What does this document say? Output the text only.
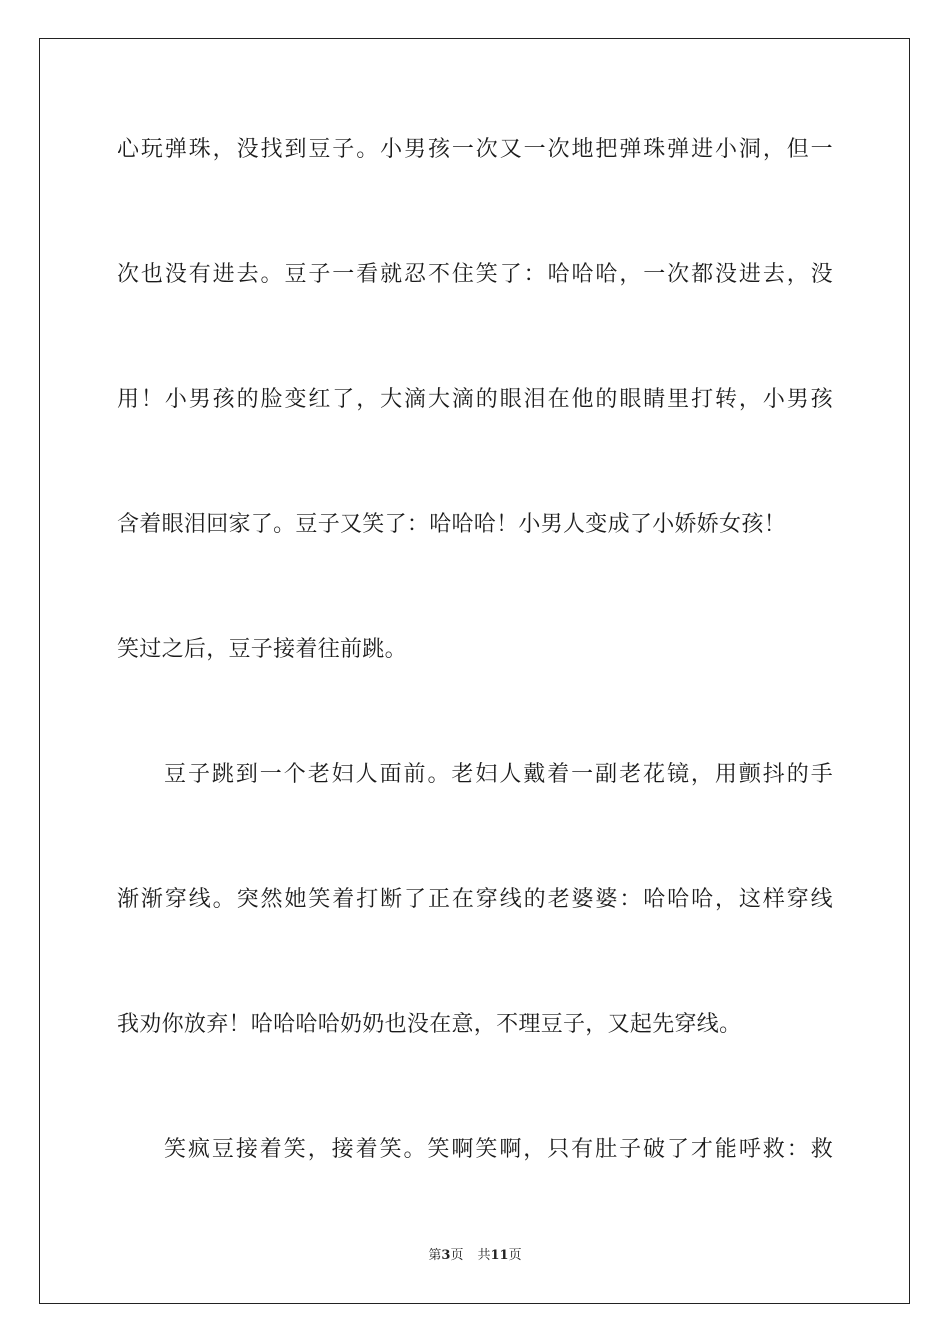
心玩弹珠，没找到豆子。小男孩一次又一次地把弹珠弹进小洞，但一
次也没有进去。豆子一看就忍不住笑了：哈哈哈，一次都没进去，没
用！小男孩的脸变红了，大滴大滴的眼泪在他的眼睛里打转，小男孩
含着眼泪回家了。豆子又笑了：哈哈哈！小男人变成了小娇娇女孩！
笑过之后，豆子接着往前跳。
豆子跳到一个老妇人面前。老妇人戴着一副老花镜，用颤抖的手
渐渐穿线。突然她笑着打断了正在穿线的老婆婆：哈哈哈，这样穿线
我劝你放弃！哈哈哈哈奶奶也没在意，不理豆子，又起先穿线。
笑疯豆接着笑，接着笑。笑啊笑啊，只有肚子破了才能呼救：救
第3页 共11页
